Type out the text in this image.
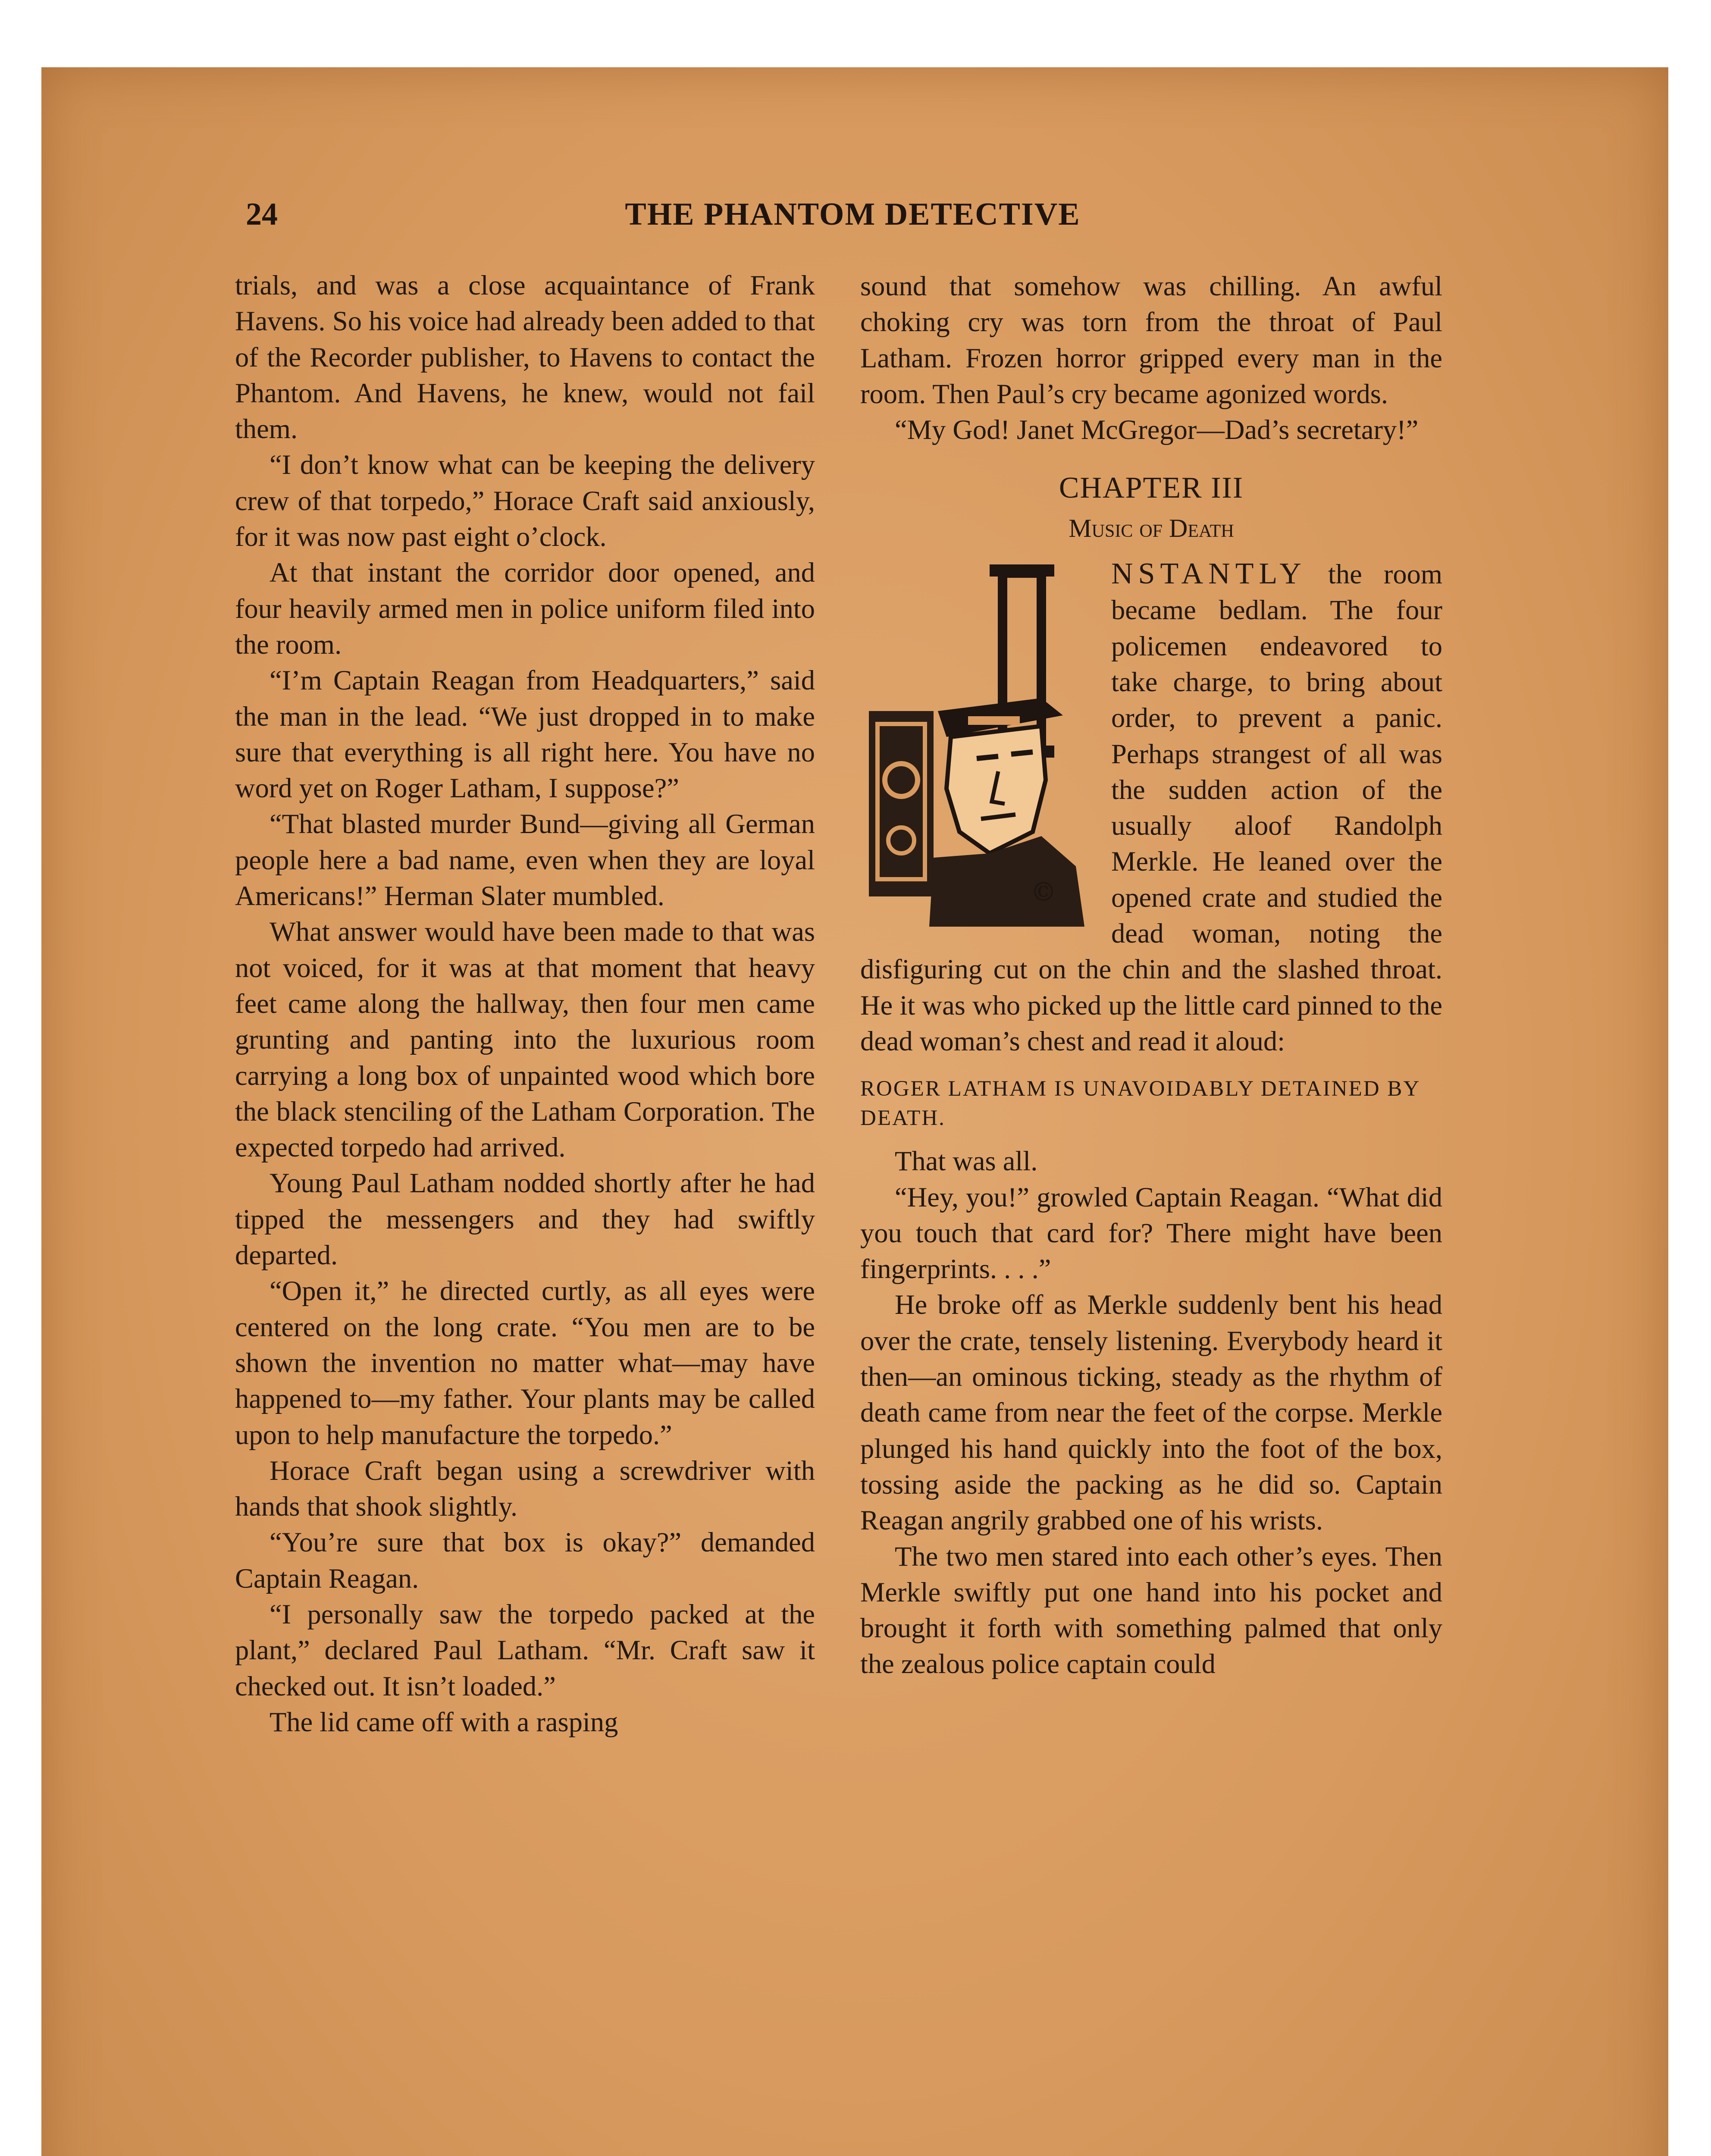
24	THE PHANTOM DETECTIVE

trials, and was a close acquaintance of Frank Havens. So his voice had already been added to that of the Recorder publisher, to Havens to contact the Phantom. And Havens, he knew, would not fail them.

“I don’t know what can be keeping the delivery crew of that torpedo,” Horace Craft said anxiously, for it was now past eight o’clock.

At that instant the corridor door opened, and four heavily armed men in police uniform filed into the room.

“I’m Captain Reagan from Headquarters,” said the man in the lead. “We just dropped in to make sure that everything is all right here. You have no word yet on Roger Latham, I suppose?”

“That blasted murder Bund—giving all German people here a bad name, even when they are loyal Americans!” Herman Slater mumbled.

What answer would have been made to that was not voiced, for it was at that moment that heavy feet came along the hallway, then four men came grunting and panting into the luxurious room carrying a long box of unpainted wood which bore the black stenciling of the Latham Corporation. The expected torpedo had arrived.

Young Paul Latham nodded shortly after he had tipped the messengers and they had swiftly departed.

“Open it,” he directed curtly, as all eyes were centered on the long crate. “You men are to be shown the invention no matter what—may have happened to—my father. Your plants may be called upon to help manufacture the torpedo.”

Horace Craft began using a screwdriver with hands that shook slightly.

“You’re sure that box is okay?” demanded Captain Reagan.

“I personally saw the torpedo packed at the plant,” declared Paul Latham. “Mr. Craft saw it checked out. It isn’t loaded.”

The lid came off with a rasping

sound that somehow was chilling. An awful choking cry was torn from the throat of Paul Latham. Frozen horror gripped every man in the room. Then Paul’s cry became agonized words.

“My God! Janet McGregor—Dad’s secretary!”

CHAPTER III
Music of Death

©
NSTANTLY the room became bedlam. The four policemen endeavored to take charge, to bring about order, to prevent a panic. Perhaps strangest of all was the sudden action of the usually aloof Randolph Merkle. He leaned over the opened crate and studied the dead woman, noting the disfiguring cut on the chin and the slashed throat. He it was who picked up the little card pinned to the dead woman’s chest and read it aloud:

ROGER LATHAM IS UNAVOIDABLY DETAINED BY DEATH.

That was all.

“Hey, you!” growled Captain Reagan. “What did you touch that card for? There might have been fingerprints. . . .”

He broke off as Merkle suddenly bent his head over the crate, tensely listening. Everybody heard it then—an ominous ticking, steady as the rhythm of death came from near the feet of the corpse. Merkle plunged his hand quickly into the foot of the box, tossing aside the packing as he did so. Captain Reagan angrily grabbed one of his wrists.

The two men stared into each other’s eyes. Then Merkle swiftly put one hand into his pocket and brought it forth with something palmed that only the zealous police captain could
